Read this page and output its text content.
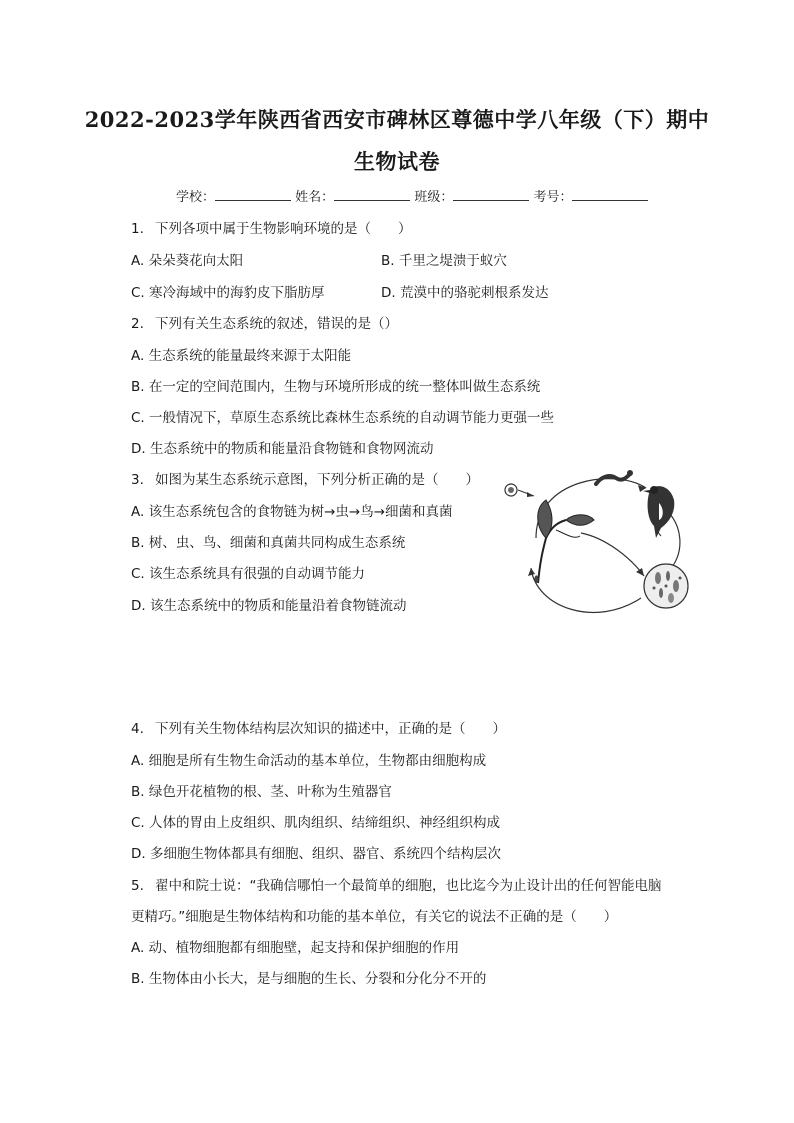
2022-2023学年陕西省西安市碑林区尊德中学八年级（下）期中
生物试卷
学校：	姓名：	班级：	考号：
1. 下列各项中属于生物影响环境的是（　　）
A. 朵朵葵花向太阳	B. 千里之堤溃于蚁穴
C. 寒冷海域中的海豹皮下脂肪厚	D. 荒漠中的骆驼刺根系发达
2. 下列有关生态系统的叙述，错误的是（）
A. 生态系统的能量最终来源于太阳能
B. 在一定的空间范围内，生物与环境所形成的统一整体叫做生态系统
C. 一般情况下，草原生态系统比森林生态系统的自动调节能力更强一些
D. 生态系统中的物质和能量沿食物链和食物网流动
3. 如图为某生态系统示意图，下列分析正确的是（　　）
A. 该生态系统包含的食物链为树→虫→鸟→细菌和真菌
B. 树、虫、鸟、细菌和真菌共同构成生态系统
C. 该生态系统具有很强的自动调节能力
D. 该生态系统中的物质和能量沿着食物链流动
4. 下列有关生物体结构层次知识的描述中，正确的是（　　）
A. 细胞是所有生物生命活动的基本单位，生物都由细胞构成
B. 绿色开花植物的根、茎、叶称为生殖器官
C. 人体的胃由上皮组织、肌肉组织、结缔组织、神经组织构成
D. 多细胞生物体都具有细胞、组织、器官、系统四个结构层次
5. 翟中和院士说：“我确信哪怕一个最简单的细胞，也比迄今为止设计出的任何智能电脑
更精巧。”细胞是生物体结构和功能的基本单位，有关它的说法不正确的是（　　）
A. 动、植物细胞都有细胞壁，起支持和保护细胞的作用
B. 生物体由小长大，是与细胞的生长、分裂和分化分不开的
